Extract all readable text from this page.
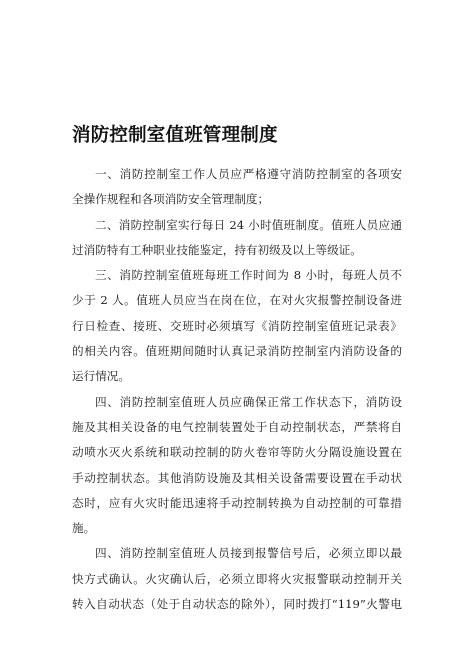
消防控制室值班管理制度
一、消防控制室工作人员应严格遵守消防控制室的各项安
全操作规程和各项消防安全管理制度；
二、消防控制室实行每日 24 小时值班制度。值班人员应通
过消防特有工种职业技能鉴定，持有初级及以上等级证。
三、消防控制室值班每班工作时间为 8 小时，每班人员不
少于 2 人。值班人员应当在岗在位，在对火灾报警控制设备进
行日检查、接班、交班时必须填写《消防控制室值班记录表》
的相关内容。值班期间随时认真记录消防控制室内消防设备的
运行情况。
四、消防控制室值班人员应确保正常工作状态下，消防设
施及其相关设备的电气控制装置处于自动控制状态，严禁将自
动喷水灭火系统和联动控制的防火卷帘等防火分隔设施设置在
手动控制状态。其他消防设施及其相关设备需要设置在手动状
态时，应有火灾时能迅速将手动控制转换为自动控制的可靠措
施。
四、消防控制室值班人员接到报警信号后，必须立即以最
快方式确认。火灾确认后，必须立即将火灾报警联动控制开关
转入自动状态（处于自动状态的除外），同时拨打“119”火警电
